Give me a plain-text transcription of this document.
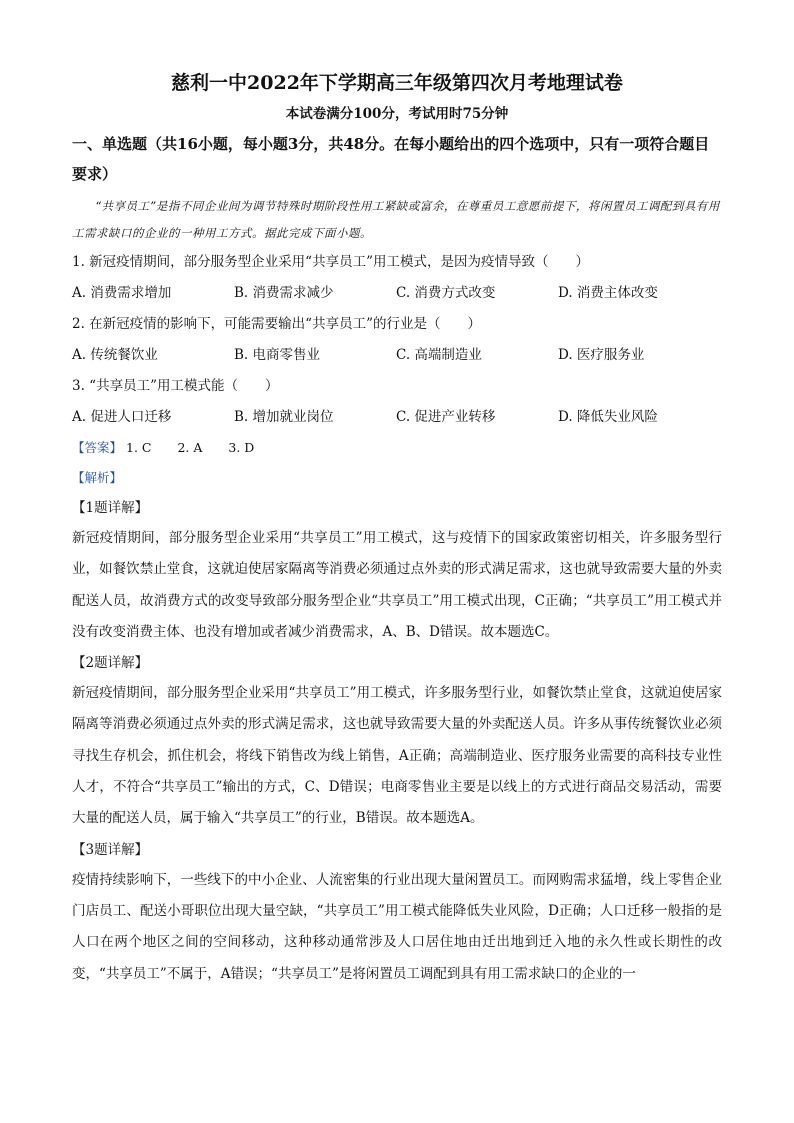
慈利一中2022年下学期高三年级第四次月考地理试卷

本试卷满分100分，考试用时75分钟

一、单选题（共16小题，每小题3分，共48分。在每小题给出的四个选项中，只有一项符合题目要求）

“共享员工”是指不同企业间为调节特殊时期阶段性用工紧缺或富余，在尊重员工意愿前提下，将闲置员工调配到具有用工需求缺口的企业的一种用工方式。据此完成下面小题。

1. 新冠疫情期间，部分服务型企业采用“共享员工”用工模式，是因为疫情导致（　　）

A. 消费需求增加	B. 消费需求减少	C. 消费方式改变	D. 消费主体改变

2. 在新冠疫情的影响下，可能需要输出“共享员工”的行业是（　　）

A. 传统餐饮业	B. 电商零售业	C. 高端制造业	D. 医疗服务业

3. “共享员工”用工模式能（　　）

A. 促进人口迁移	B. 增加就业岗位	C. 促进产业转移	D. 降低失业风险

【答案】 1. C 2. A 3. D

【解析】

【1题详解】

新冠疫情期间，部分服务型企业采用“共享员工”用工模式，这与疫情下的国家政策密切相关，许多服务型行业，如餐饮禁止堂食，这就迫使居家隔离等消费必须通过点外卖的形式满足需求，这也就导致需要大量的外卖配送人员，故消费方式的改变导致部分服务型企业“共享员工”用工模式出现，C正确；“共享员工”用工模式并没有改变消费主体、也没有增加或者减少消费需求，A、B、D错误。故本题选C。

【2题详解】

新冠疫情期间，部分服务型企业采用“共享员工”用工模式，许多服务型行业，如餐饮禁止堂食，这就迫使居家隔离等消费必须通过点外卖的形式满足需求，这也就导致需要大量的外卖配送人员。许多从事传统餐饮业必须寻找生存机会，抓住机会，将线下销售改为线上销售，A正确；高端制造业、医疗服务业需要的高科技专业性人才，不符合“共享员工”输出的方式，C、D错误；电商零售业主要是以线上的方式进行商品交易活动，需要大量的配送人员，属于输入“共享员工”的行业，B错误。故本题选A。

【3题详解】

疫情持续影响下，一些线下的中小企业、人流密集的行业出现大量闲置员工。而网购需求猛增，线上零售企业门店员工、配送小哥职位出现大量空缺，“共享员工”用工模式能降低失业风险，D正确；人口迁移一般指的是人口在两个地区之间的空间移动，这种移动通常涉及人口居住地由迁出地到迁入地的永久性或长期性的改变，“共享员工”不属于，A错误；“共享员工”是将闲置员工调配到具有用工需求缺口的企业的一
